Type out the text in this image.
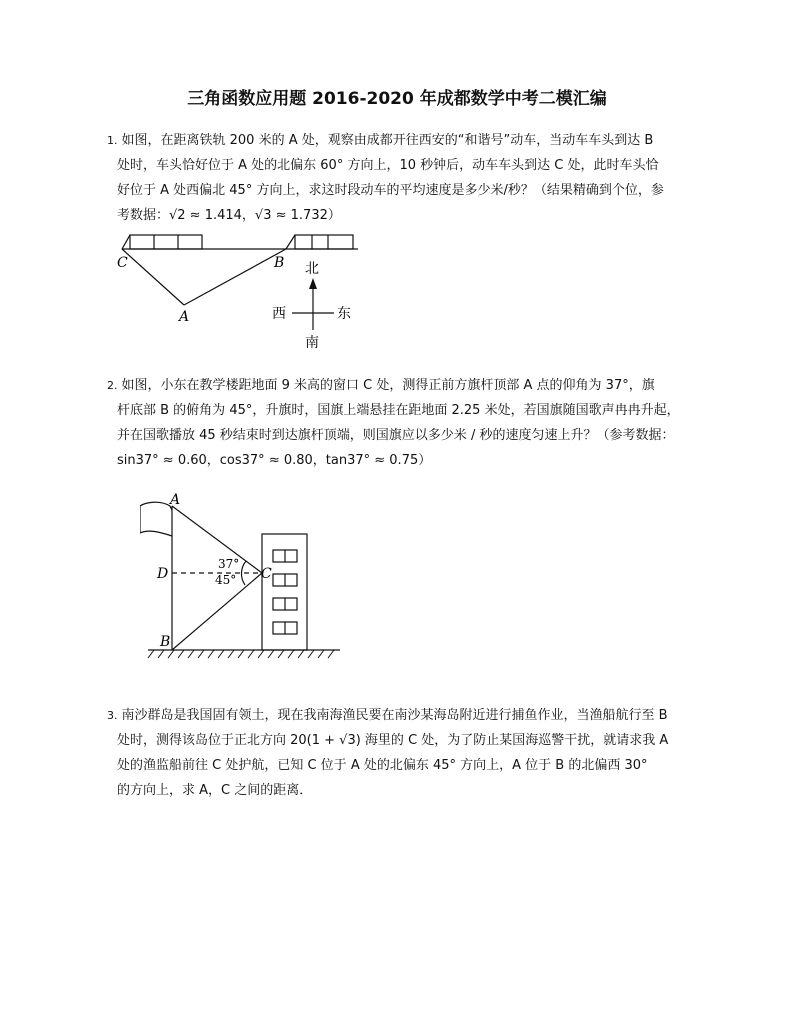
三角函数应用题 2016-2020 年成都数学中考二模汇编
1. 如图，在距离铁轨 200 米的 A 处，观察由成都开往西安的“和谐号”动车，当动车车头到达 B
处时，车头恰好位于 A 处的北偏东 60° 方向上，10 秒钟后，动车车头到达 C 处，此时车头恰
好位于 A 处西偏北 45° 方向上，求这时段动车的平均速度是多少米/秒？（结果精确到个位，参
考数据：√2 ≈ 1.414，√3 ≈ 1.732）
C	B
A
北
西	东
南
2. 如图，小东在教学楼距地面 9 米高的窗口 C 处，测得正前方旗杆顶部 A 点的仰角为 37°，旗
杆底部 B 的俯角为 45°，升旗时，国旗上端悬挂在距地面 2.25 米处，若国旗随国歌声冉冉升起，
并在国歌播放 45 秒结束时到达旗杆顶端，则国旗应以多少米 / 秒的速度匀速上升？（参考数据：
sin37° ≈ 0.60，cos37° ≈ 0.80，tan37° ≈ 0.75）
A
D
B
C
37°
45°
3. 南沙群岛是我国固有领土，现在我南海渔民要在南沙某海岛附近进行捕鱼作业，当渔船航行至 B
处时，测得该岛位于正北方向 20(1 + √3) 海里的 C 处，为了防止某国海巡警干扰，就请求我 A
处的渔监船前往 C 处护航，已知 C 位于 A 处的北偏东 45° 方向上，A 位于 B 的北偏西 30°
的方向上，求 A，C 之间的距离．
